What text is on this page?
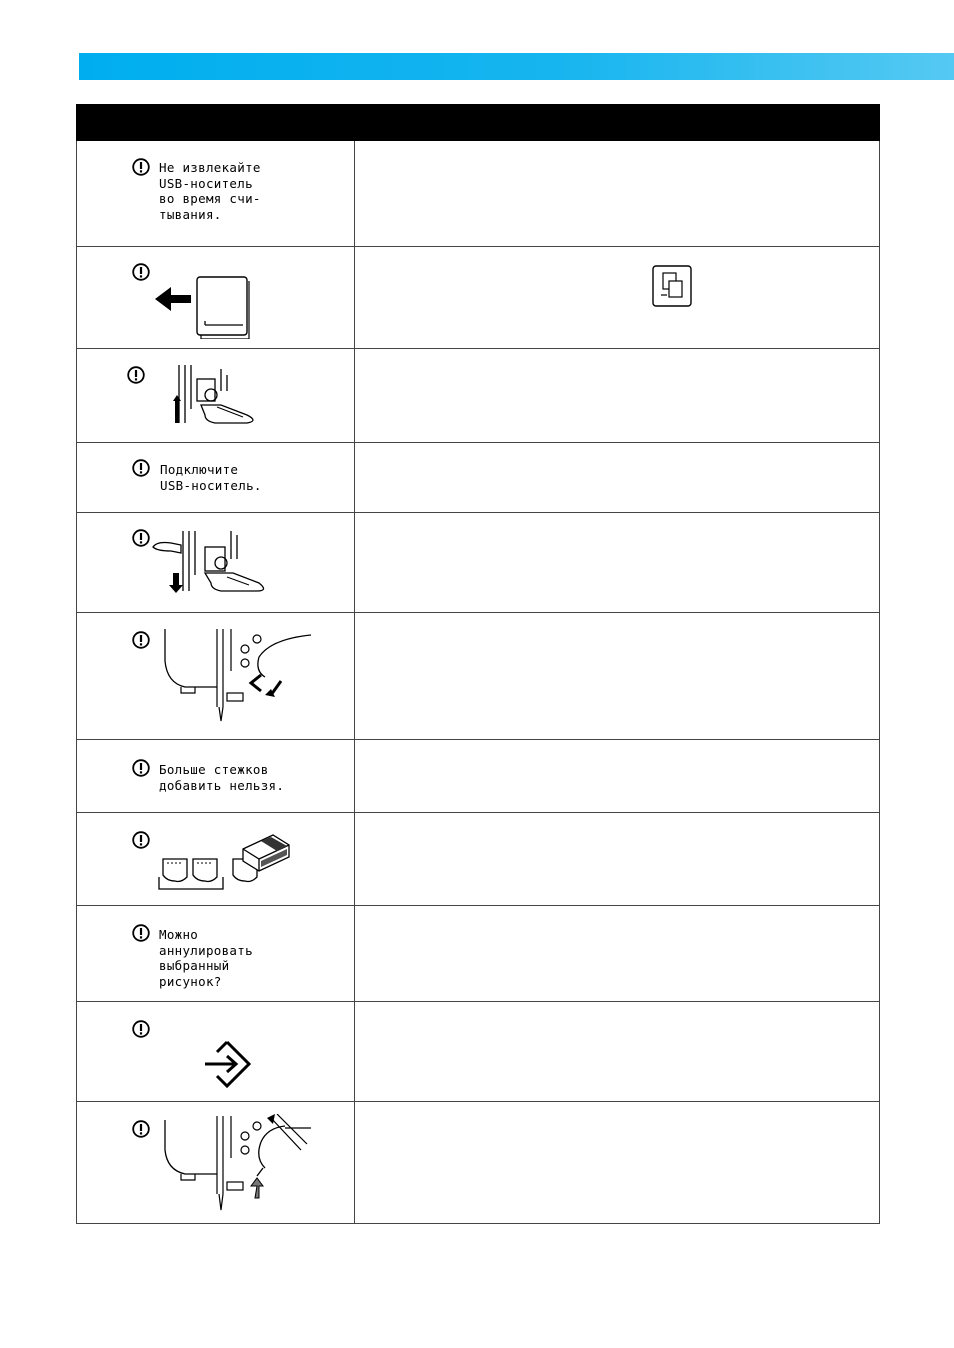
Не извлекайте
USB-носитель
во время счи-
тывания.	

Подключите
USB-носитель.	

Больше стежков
добавить нельзя.	

Можно
аннулировать
выбранный
рисунок?	
